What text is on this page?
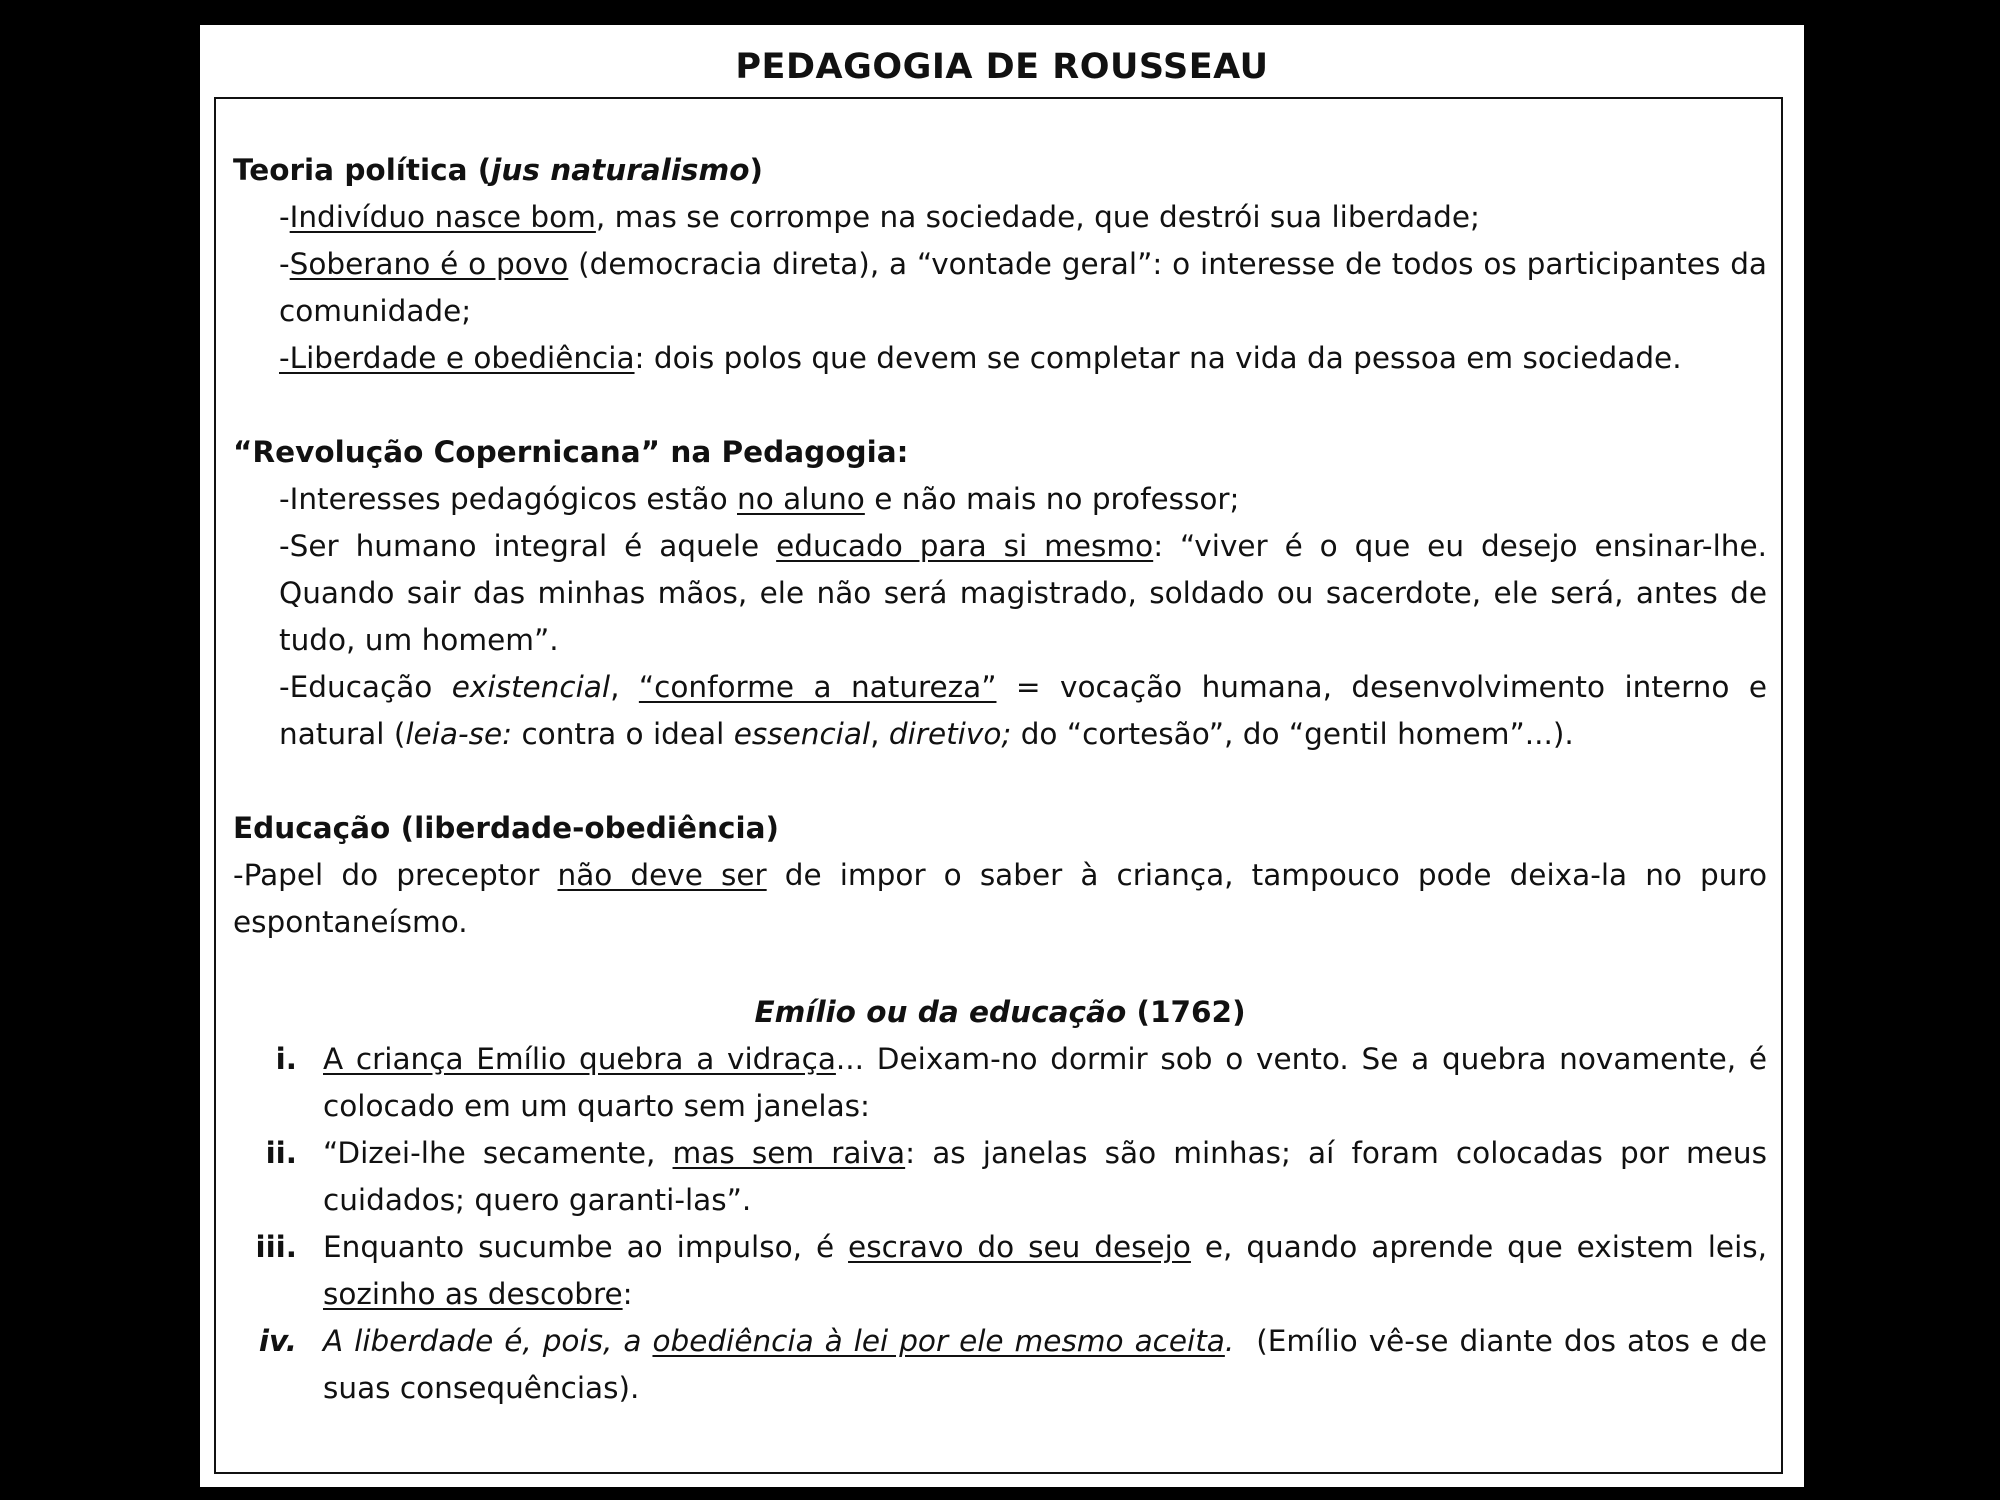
PEDAGOGIA DE ROUSSEAU
Teoria política (jus naturalismo)
-Indivíduo nasce bom, mas se corrompe na sociedade, que destrói sua liberdade;
-Soberano é o povo (democracia direta), a “vontade geral”: o interesse de todos os participantes da comunidade;
-Liberdade e obediência: dois polos que devem se completar na vida da pessoa em sociedade.
“Revolução Copernicana” na Pedagogia:
-Interesses pedagógicos estão no aluno e não mais no professor;
-Ser humano integral é aquele educado para si mesmo: “viver é o que eu desejo ensinar-lhe. Quando sair das minhas mãos, ele não será magistrado, soldado ou sacerdote, ele será, antes de tudo, um homem”.
-Educação existencial, “conforme a natureza” = vocação humana, desenvolvimento interno e natural (leia-se: contra o ideal essencial, diretivo; do “cortesão”, do “gentil homem”...).
Educação (liberdade-obediência)
-Papel do preceptor não deve ser de impor o saber à criança, tampouco pode deixa-la no puro espontaneísmo.
Emílio ou da educação (1762)
i. A criança Emílio quebra a vidraça... Deixam-no dormir sob o vento. Se a quebra novamente, é colocado em um quarto sem janelas:
ii. “Dizei-lhe secamente, mas sem raiva: as janelas são minhas; aí foram colocadas por meus cuidados; quero garanti-las”.
iii. Enquanto sucumbe ao impulso, é escravo do seu desejo e, quando aprende que existem leis, sozinho as descobre:
iv. A liberdade é, pois, a obediência à lei por ele mesmo aceita.  (Emílio vê-se diante dos atos e de suas consequências).
